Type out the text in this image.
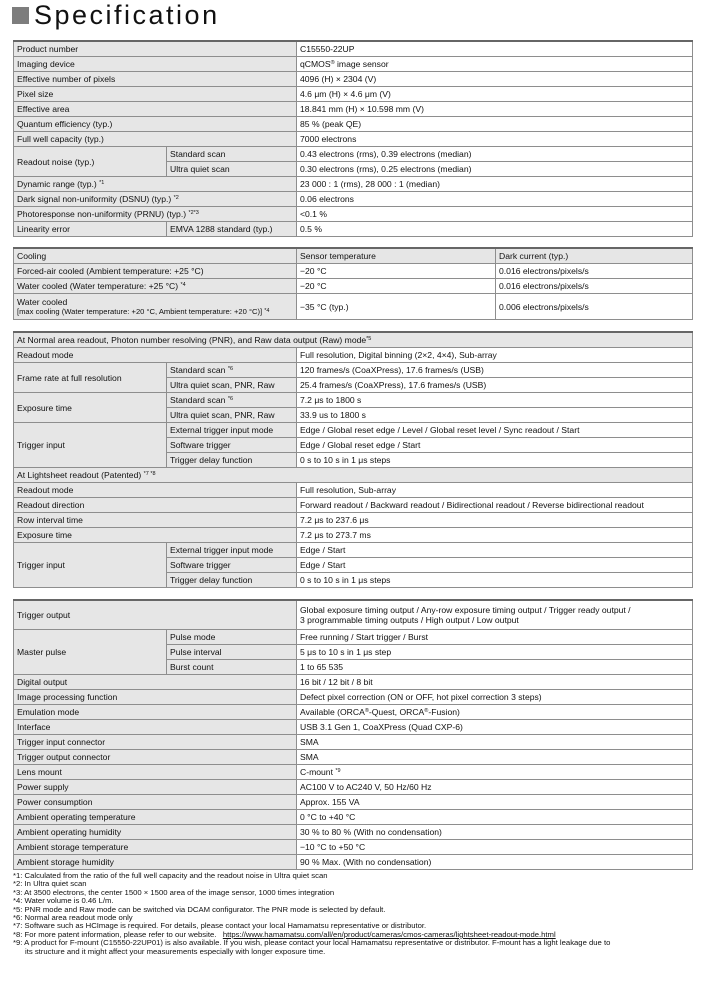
Specification
Product number		C15550-22UP
Imaging device		qCMOS® image sensor
Effective number of pixels		4096 (H) × 2304 (V)
Pixel size		4.6 μm (H) × 4.6 μm (V)
Effective area		18.841 mm (H) × 10.598 mm (V)
Quantum efficiency (typ.)		85 % (peak QE)
Full well capacity (typ.)		7000 electrons
Readout noise (typ.)	Standard scan	0.43 electrons (rms), 0.39 electrons (median)
	Ultra quiet scan	0.30 electrons (rms), 0.25 electrons (median)
Dynamic range (typ.) $^{*1}$		23 000 : 1 (rms), 28 000 : 1 (median)
Dark signal non-uniformity (DSNU) (typ.) $^{*2}$		0.06 electrons
Photoresponse non-uniformity (PRNU) (typ.) $^{*2*3}$		<0.1 %
Linearity error	EMVA 1288 standard (typ.)	0.5 %
Cooling	Sensor temperature	Dark current (typ.)
Forced-air cooled (Ambient temperature: +25 °C)	−20 °C	0.016 electrons/pixels/s
Water cooled (Water temperature: +25 °C) $^{*4}$	−20 °C	0.016 electrons/pixels/s

Water cooled
[max cooling (Water temperature: +20 °C, Ambient temperature: +20 °C)] $^{*4}$	−35 °C (typ.)	0.006 electrons/pixels/s
At Normal area readout, Photon number resolving (PNR), and Raw data output (Raw) mode$^{*5}$
Readout mode		Full resolution, Digital binning (2×2, 4×4), Sub-array
Frame rate at full resolution	Standard scan $^{*6}$	120 frames/s (CoaXPress), 17.6 frames/s (USB)
	Ultra quiet scan, PNR, Raw	25.4 frames/s (CoaXPress), 17.6 frames/s (USB)
Exposure time	Standard scan $^{*6}$	7.2 μs to 1800 s
	Ultra quiet scan, PNR, Raw	33.9 us to 1800 s
Trigger input	External trigger input mode	Edge / Global reset edge / Level / Global reset level / Sync readout / Start
	Software trigger	Edge / Global reset edge / Start
	Trigger delay function	0 s to 10 s in 1 μs steps
At Lightsheet readout (Patented) $^{*7 *8}$
Readout mode		Full resolution, Sub-array
Readout direction		Forward readout / Backward readout / Bidirectional readout / Reverse bidirectional readout
Row interval time		7.2 μs to 237.6 μs
Exposure time		7.2 μs to 273.7 ms
Trigger input	External trigger input mode	Edge / Start
	Software trigger	Edge / Start
	Trigger delay function	0 s to 10 s in 1 μs steps
Trigger output		Global exposure timing output / Any-row exposure timing output / Trigger ready output /
3 programmable timing outputs / High output / Low output

Master pulse	Pulse mode	Free running / Start trigger / Burst
	Pulse interval	5 μs to 10 s in 1 μs step
	Burst count	1 to 65 535
Digital output		16 bit / 12 bit / 8 bit
Image processing function		Defect pixel correction (ON or OFF, hot pixel correction 3 steps)
Emulation mode		Available (ORCA®-Quest, ORCA®-Fusion)
Interface		USB 3.1 Gen 1, CoaXPress (Quad CXP-6)
Trigger input connector		SMA
Trigger output connector		SMA
Lens mount		C-mount $^{*9}$
Power supply		AC100 V to AC240 V, 50 Hz/60 Hz
Power consumption		Approx. 155 VA
Ambient operating temperature		0 °C to +40 °C
Ambient operating humidity		30 % to 80 % (With no condensation)
Ambient storage temperature		−10 °C to +50 °C
Ambient storage humidity		90 % Max. (With no condensation)
*1: Calculated from the ratio of the full well capacity and the readout noise in Ultra quiet scan
*2: In Ultra quiet scan
*3: At 3500 electrons, the center 1500 × 1500 area of the image sensor, 1000 times integration
*4: Water volume is 0.46 L/m.
*5: PNR mode and Raw mode can be switched via DCAM configurator. The PNR mode is selected by default.
*6: Normal area readout mode only
*7: Software such as HCImage is required. For details, please contact your local Hamamatsu representative or distributor.
*8: For more patent information, please refer to our website. https://www.hamamatsu.com/all/en/product/cameras/cmos-cameras/lightsheet-readout-mode.html
*9: A product for F-mount (C15550-22UP01) is also available. If you wish, please contact your local Hamamatsu representative or distributor. F-mount has a light leakage due to
its structure and it might affect your measurements especially with longer exposure time.
